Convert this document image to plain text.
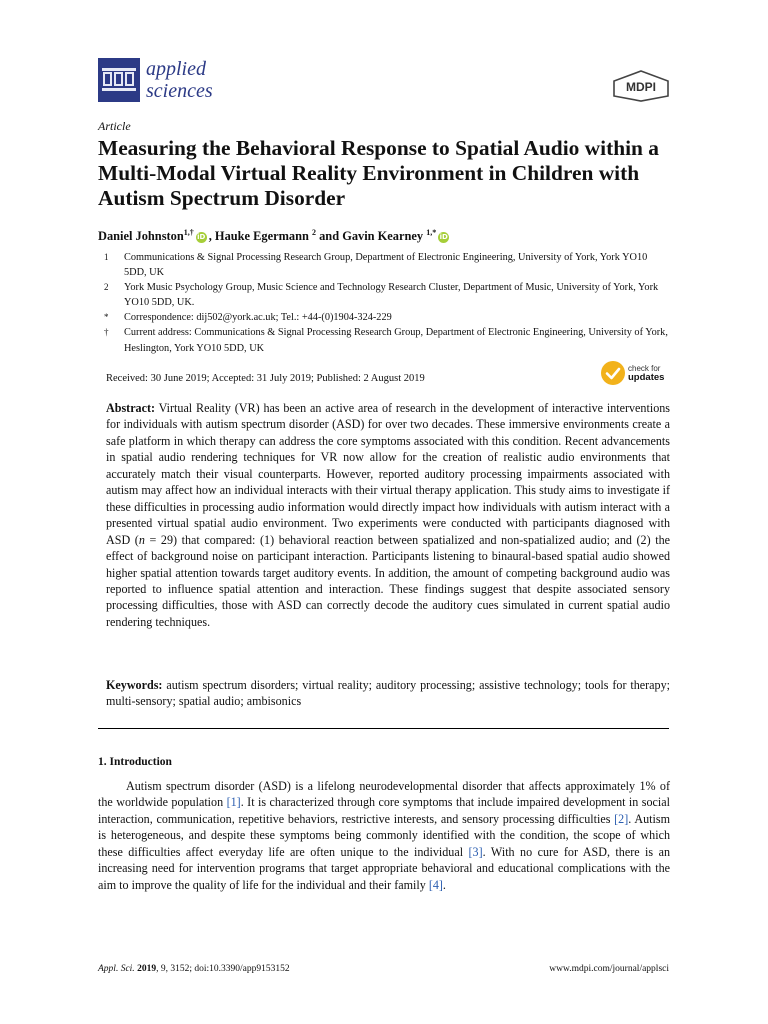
applied
sciences	MDPI
Article
Measuring the Behavioral Response to Spatial Audio within a Multi-Modal Virtual Reality Environment in Children with Autism Spectrum Disorder
Daniel Johnston$^{1,\dagger}$iD , Hauke Egermann $^2$ and Gavin Kearney $^{1,*}$iD
1	Communications & Signal Processing Research Group, Department of Electronic Engineering, University of York, York YO10 5DD, UK
2	York Music Psychology Group, Music Science and Technology Research Cluster, Department of Music, University of York, York YO10 5DD, UK.
*	Correspondence: dij502@york.ac.uk; Tel.: +44-(0)1904-324-229
†	Current address: Communications & Signal Processing Research Group, Department of Electronic Engineering, University of York, Heslington, York YO10 5DD, UK
Received: 30 June 2019; Accepted: 31 July 2019; Published: 2 August 2019
check for
updates
Abstract: Virtual Reality (VR) has been an active area of research in the development of interactive interventions for individuals with autism spectrum disorder (ASD) for over two decades. These immersive environments create a safe platform in which therapy can address the core symptoms associated with this condition. Recent advancements in spatial audio rendering techniques for VR now allow for the creation of realistic audio environments that accurately match their visual counterparts. However, reported auditory processing impairments associated with autism may affect how an individual interacts with their virtual therapy application. This study aims to investigate if these difficulties in processing audio information would directly impact how individuals with autism interact with a presented virtual spatial audio environment. Two experiments were conducted with participants diagnosed with ASD (n = 29) that compared: (1) behavioral reaction between spatialized and non-spatialized audio; and (2) the effect of background noise on participant interaction. Participants listening to binaural-based spatial audio showed higher spatial attention towards target auditory events. In addition, the amount of competing background audio was reported to influence spatial attention and interaction. These findings suggest that despite associated sensory processing difficulties, those with ASD can correctly decode the auditory cues simulated in current spatial audio rendering techniques.
Keywords: autism spectrum disorders; virtual reality; auditory processing; assistive technology; tools for therapy; multi-sensory; spatial audio; ambisonics
1. Introduction
Autism spectrum disorder (ASD) is a lifelong neurodevelopmental disorder that affects approximately 1% of the worldwide population [1]. It is characterized through core symptoms that include impaired development in social interaction, communication, repetitive behaviors, restrictive interests, and sensory processing difficulties [2]. Autism is heterogeneous, and despite these symptoms being commonly identified with the condition, the scope of which these difficulties affect everyday life are often unique to the individual [3]. With no cure for ASD, there is an increasing need for intervention programs that target appropriate behavioral and educational complications with the aim to improve the quality of life for the individual and their family [4].
Appl. Sci. 2019, 9, 3152; doi:10.3390/app9153152	www.mdpi.com/journal/applsci
